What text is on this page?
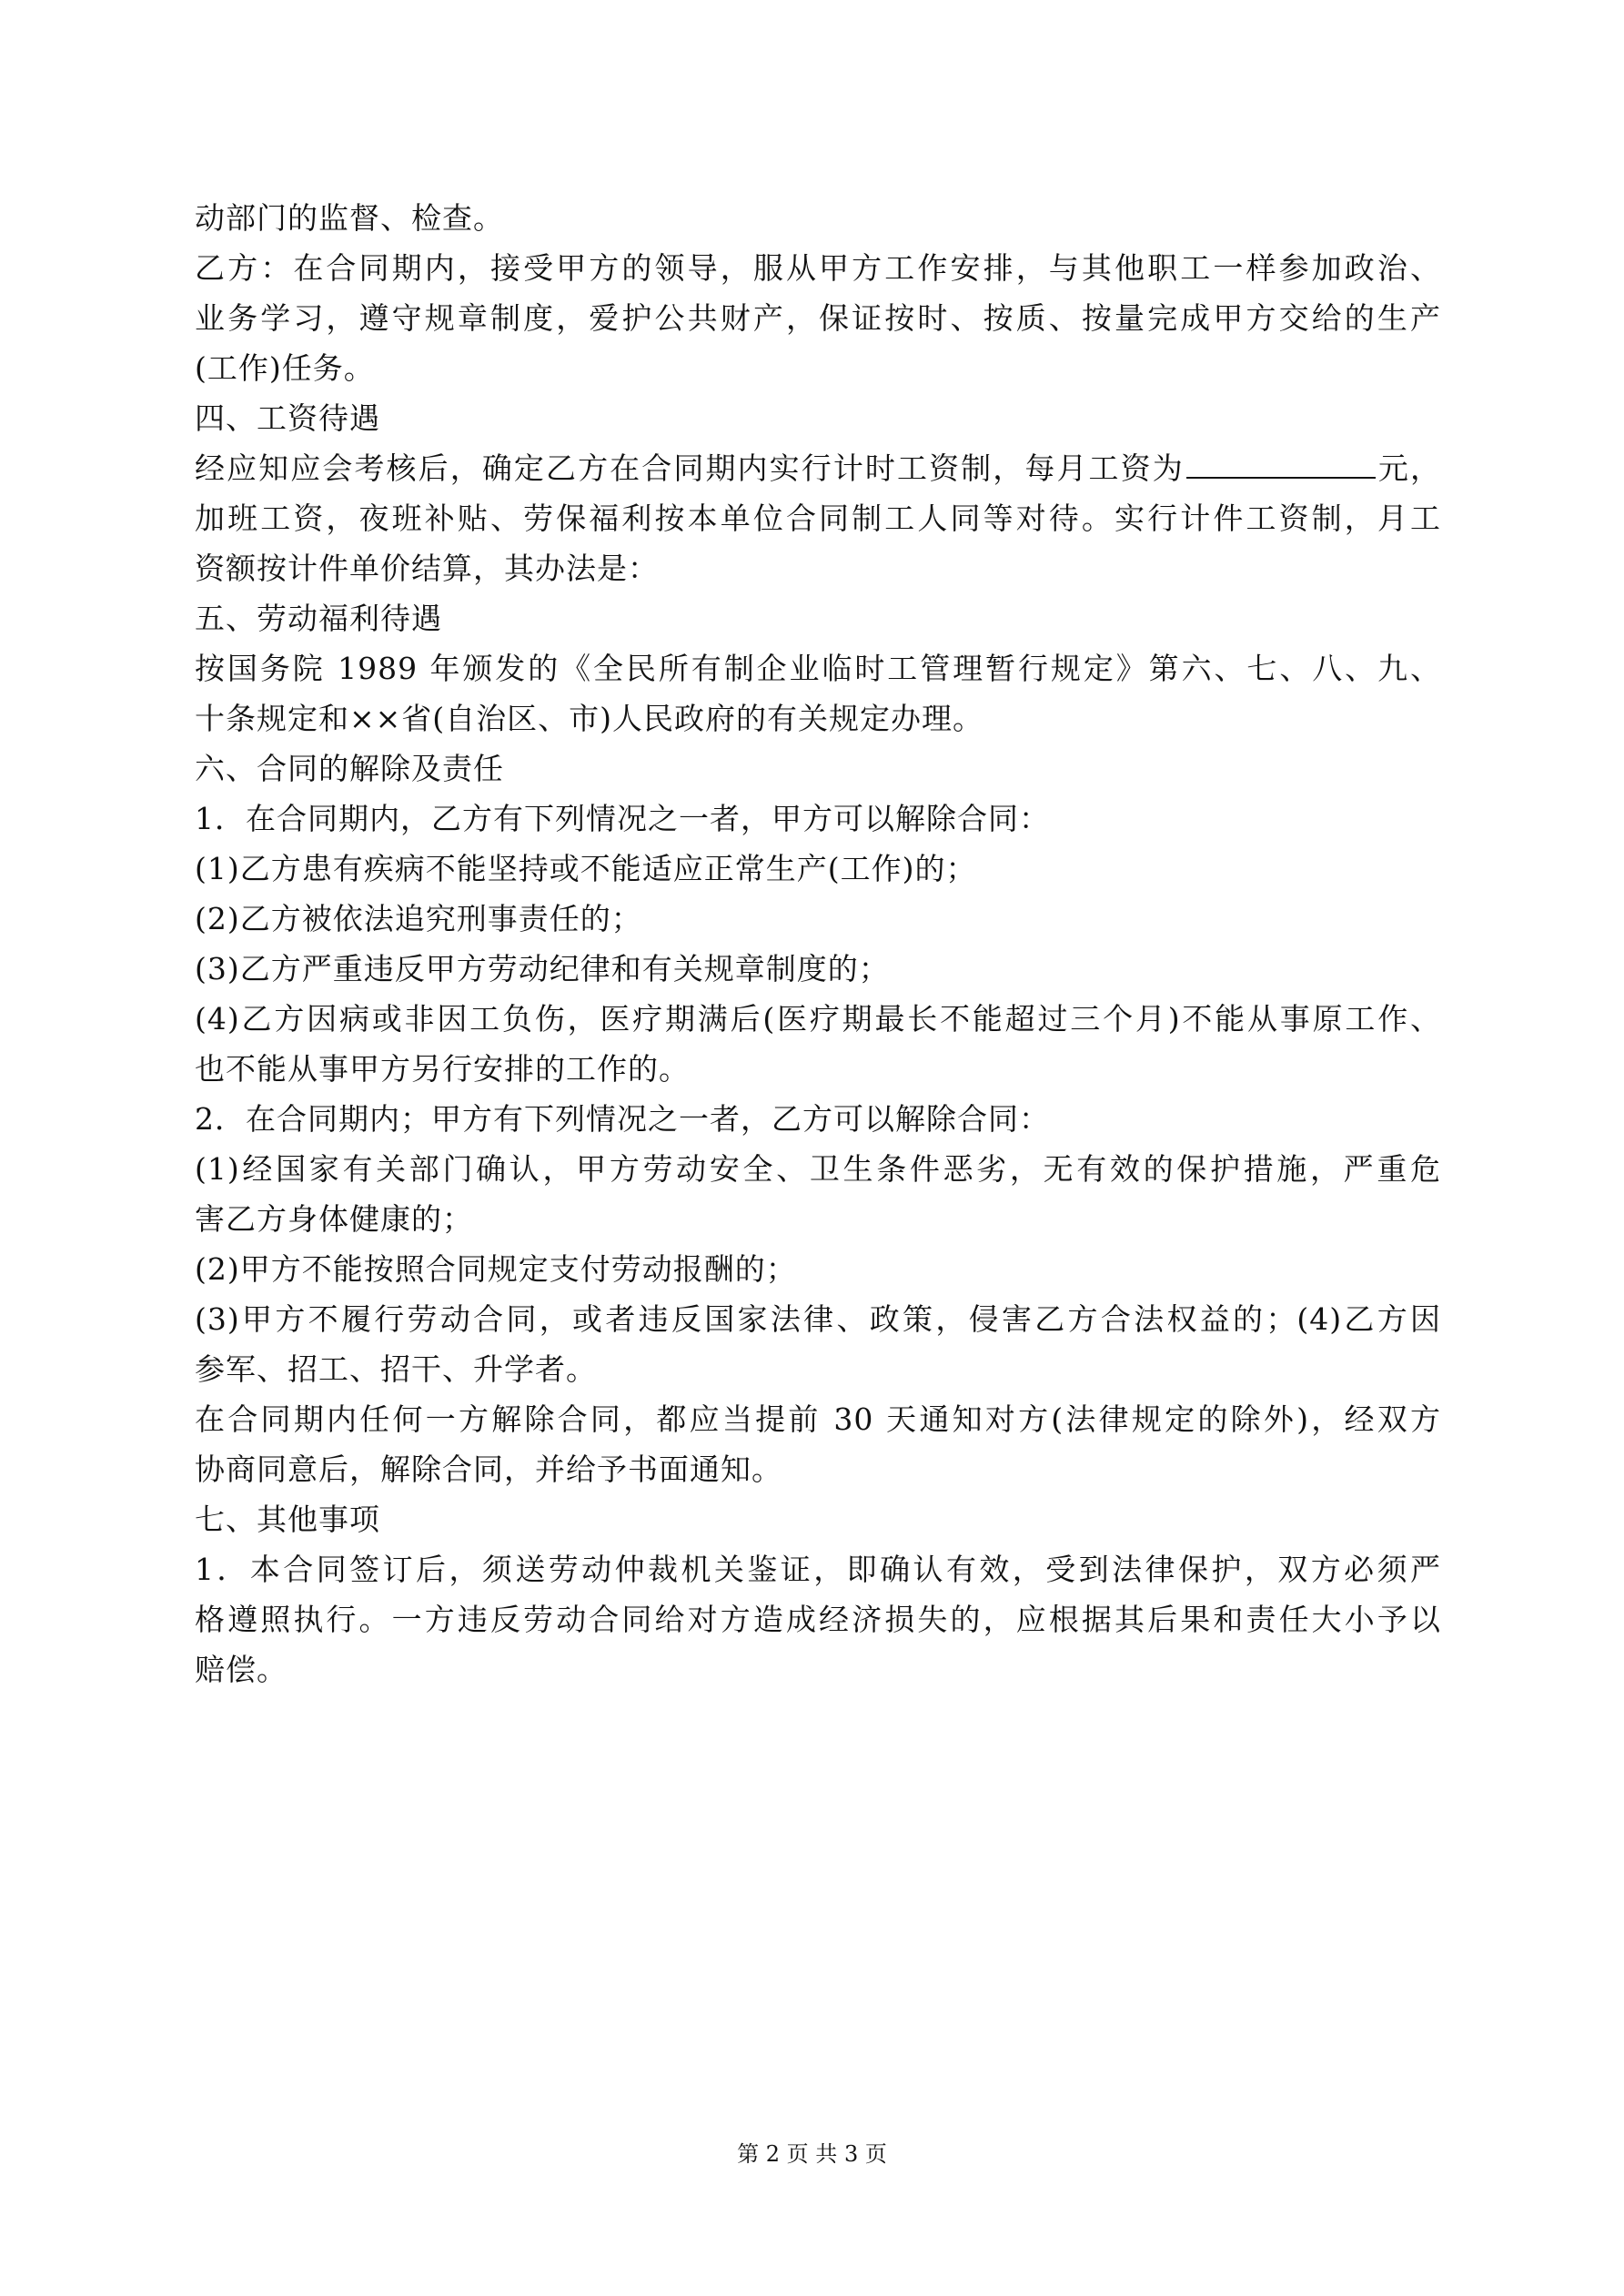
动部门的监督、检查。
乙方：在合同期内，接受甲方的领导，服从甲方工作安排，与其他职工一样参加政治、
业务学习，遵守规章制度，爱护公共财产，保证按时、按质、按量完成甲方交给的生产
(工作)任务。
四、工资待遇
经应知应会考核后，确定乙方在合同期内实行计时工资制，每月工资为	元，
加班工资，夜班补贴、劳保福利按本单位合同制工人同等对待。实行计件工资制，月工
资额按计件单价结算，其办法是：
五、劳动福利待遇
按国务院 1989 年颁发的《全民所有制企业临时工管理暂行规定》第六、七、八、九、
十条规定和××省(自治区、市)人民政府的有关规定办理。
六、合同的解除及责任
1．在合同期内，乙方有下列情况之一者，甲方可以解除合同：
(1)乙方患有疾病不能坚持或不能适应正常生产(工作)的；
(2)乙方被依法追究刑事责任的；
(3)乙方严重违反甲方劳动纪律和有关规章制度的；
(4)乙方因病或非因工负伤，医疗期满后(医疗期最长不能超过三个月)不能从事原工作、
也不能从事甲方另行安排的工作的。
2．在合同期内；甲方有下列情况之一者，乙方可以解除合同：
(1)经国家有关部门确认，甲方劳动安全、卫生条件恶劣，无有效的保护措施，严重危
害乙方身体健康的；
(2)甲方不能按照合同规定支付劳动报酬的；
(3)甲方不履行劳动合同，或者违反国家法律、政策，侵害乙方合法权益的；(4)乙方因
参军、招工、招干、升学者。
在合同期内任何一方解除合同，都应当提前 30 天通知对方(法律规定的除外)，经双方
协商同意后，解除合同，并给予书面通知。
七、其他事项
1．本合同签订后，须送劳动仲裁机关鉴证，即确认有效，受到法律保护，双方必须严
格遵照执行。一方违反劳动合同给对方造成经济损失的，应根据其后果和责任大小予以
赔偿。
第 2 页 共 3 页
